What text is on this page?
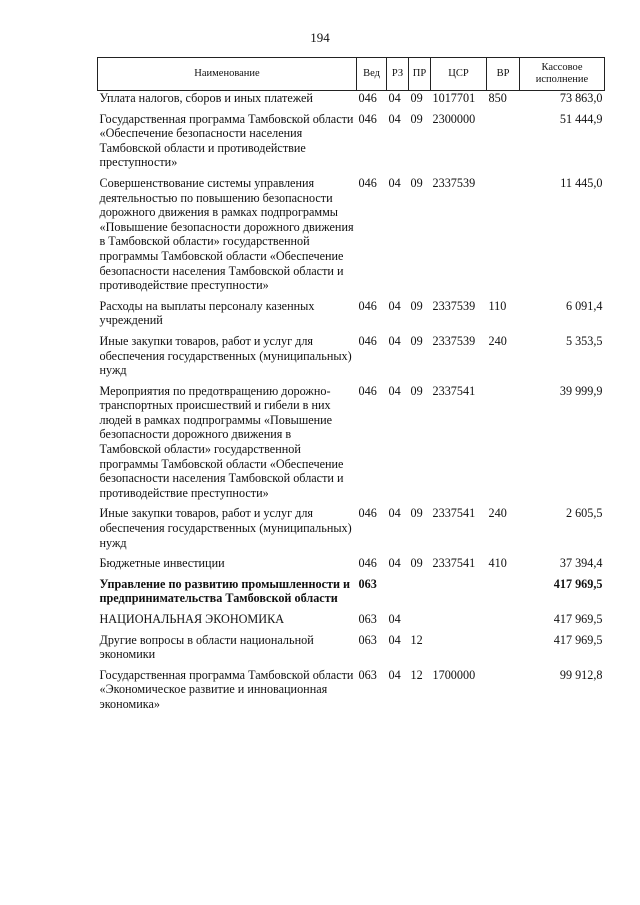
194
Наименование	Вед	РЗ	ПР	ЦСР	ВР	Кассовое исполнение
Уплата налогов, сборов и иных платежей	046	04	09	1017701	850	73 863,0
Государственная программа Тамбовской области «Обеспечение безопасности населения Тамбовской области и противодействие преступности»	046	04	09	2300000		51 444,9
Совершенствование системы управления деятельностью по повышению безопасности дорожного движения в рамках подпрограммы «Повышение безопасности дорожного движения в Тамбовской области» государственной программы Тамбовской области «Обеспечение безопасности населения Тамбовской области и противодействие преступности»	046	04	09	2337539		11 445,0
Расходы на выплаты персоналу казенных учреждений	046	04	09	2337539	110	6 091,4
Иные закупки товаров, работ и услуг для обеспечения государственных (муниципальных) нужд	046	04	09	2337539	240	5 353,5
Мероприятия по предотвращению дорожно-транспортных происшествий и гибели в них людей в рамках подпрограммы «Повышение безопасности дорожного движения в Тамбовской области» государственной программы Тамбовской области «Обеспечение безопасности населения Тамбовской области и противодействие преступности»	046	04	09	2337541		39 999,9
Иные закупки товаров, работ и услуг для обеспечения государственных (муниципальных) нужд	046	04	09	2337541	240	2 605,5
Бюджетные инвестиции	046	04	09	2337541	410	37 394,4
Управление по развитию промышленности и предпринимательства Тамбовской области	063					417 969,5
НАЦИОНАЛЬНАЯ ЭКОНОМИКА	063	04				417 969,5
Другие вопросы в области национальной экономики	063	04	12			417 969,5
Государственная программа Тамбовской области «Экономическое развитие и инновационная экономика»	063	04	12	1700000		99 912,8
